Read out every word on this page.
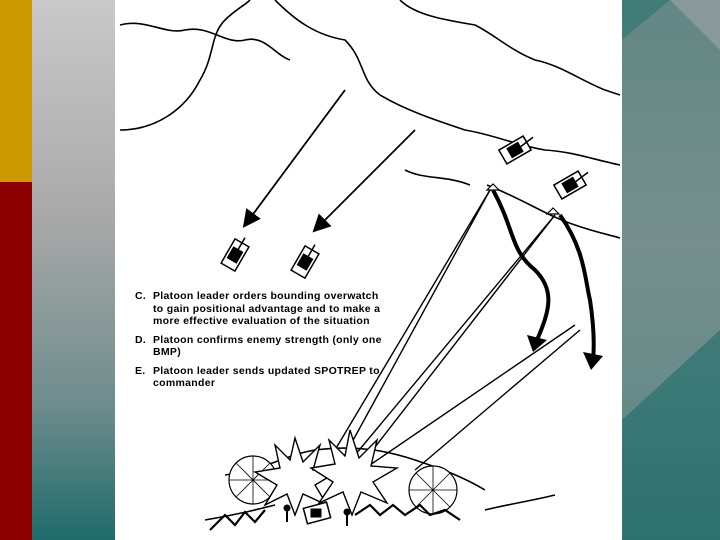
C. Platoon leader orders bounding overwatch to gain positional advantage and to make a more effective evaluation of the situation

D. Platoon confirms enemy strength (only one BMP)

E. Platoon leader sends updated SPOTREP to commander
